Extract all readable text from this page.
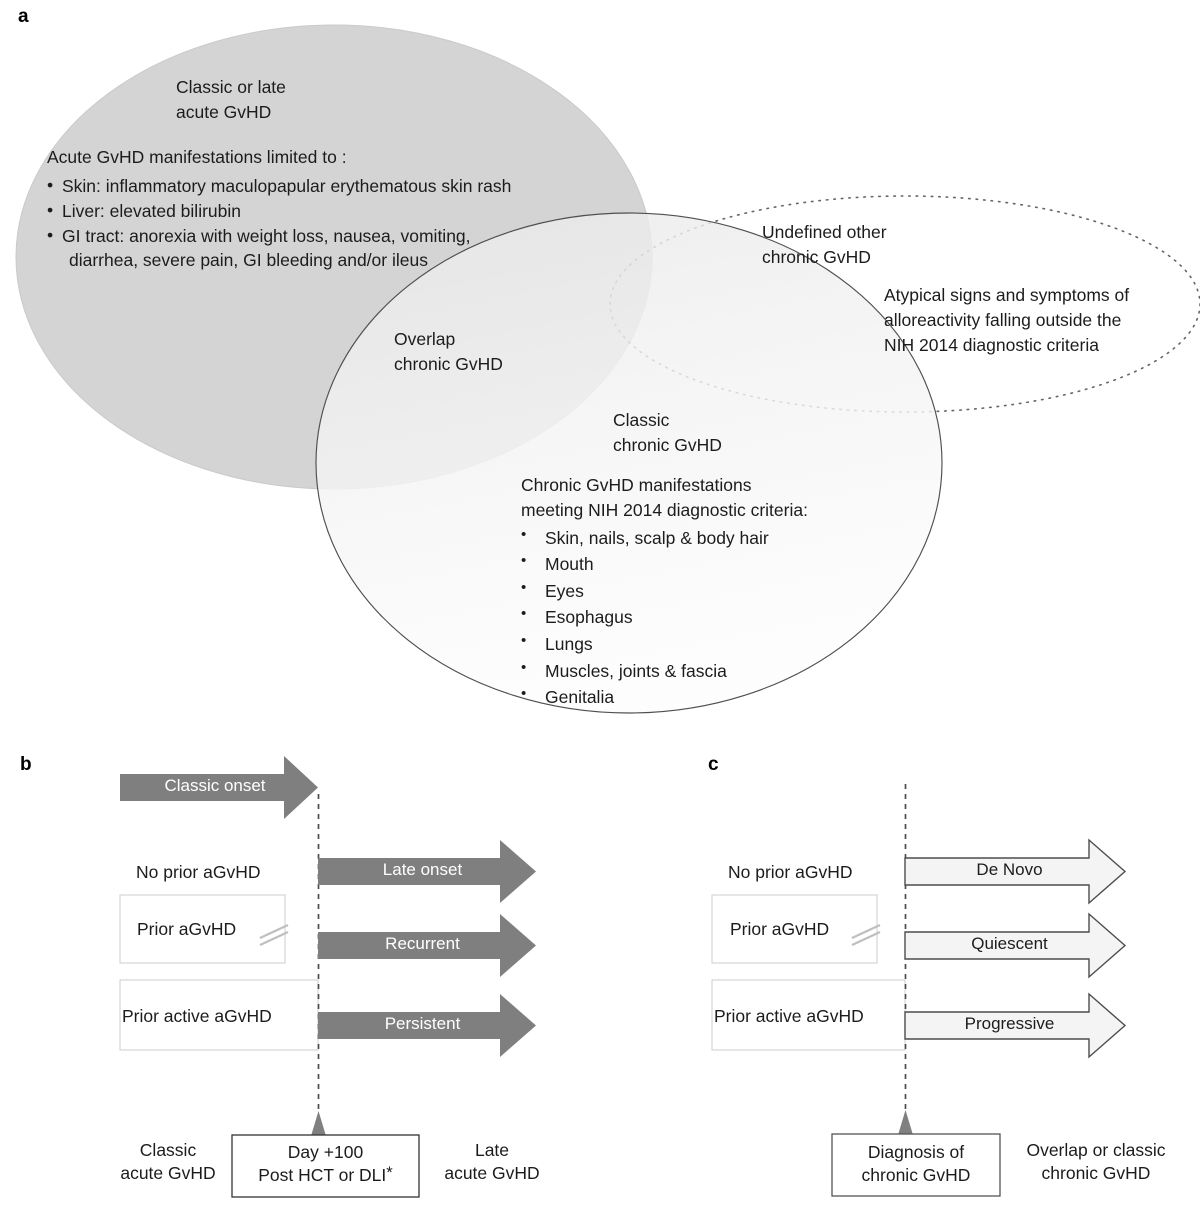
a
Classic or late
acute GvHD
Acute GvHD manifestations limited to :
• Skin: inflammatory maculopapular erythematous skin rash
• Liver: elevated bilirubin
• GI tract: anorexia with weight loss, nausea, vomiting,
diarrhea, severe pain, GI bleeding and/or ileus
Overlap
chronic GvHD
Undefined other
chronic GvHD
Atypical signs and symptoms of
alloreactivity falling outside the
NIH 2014 diagnostic criteria
Classic
chronic GvHD
Chronic GvHD manifestations
meeting NIH 2014 diagnostic criteria:
• Skin, nails, scalp & body hair
• Mouth
• Eyes
• Esophagus
• Lungs
• Muscles, joints & fascia
• Genitalia
b
No prior aGvHD
Prior aGvHD
Prior active aGvHD
Classic onset
Late onset
Recurrent
Persistent
Classic
acute GvHD
Day +100
Post HCT or DLI*
Late
acute GvHD
c
No prior aGvHD
Prior aGvHD
Prior active aGvHD
De Novo
Quiescent
Progressive
Diagnosis of
chronic GvHD
Overlap or classic
chronic GvHD
